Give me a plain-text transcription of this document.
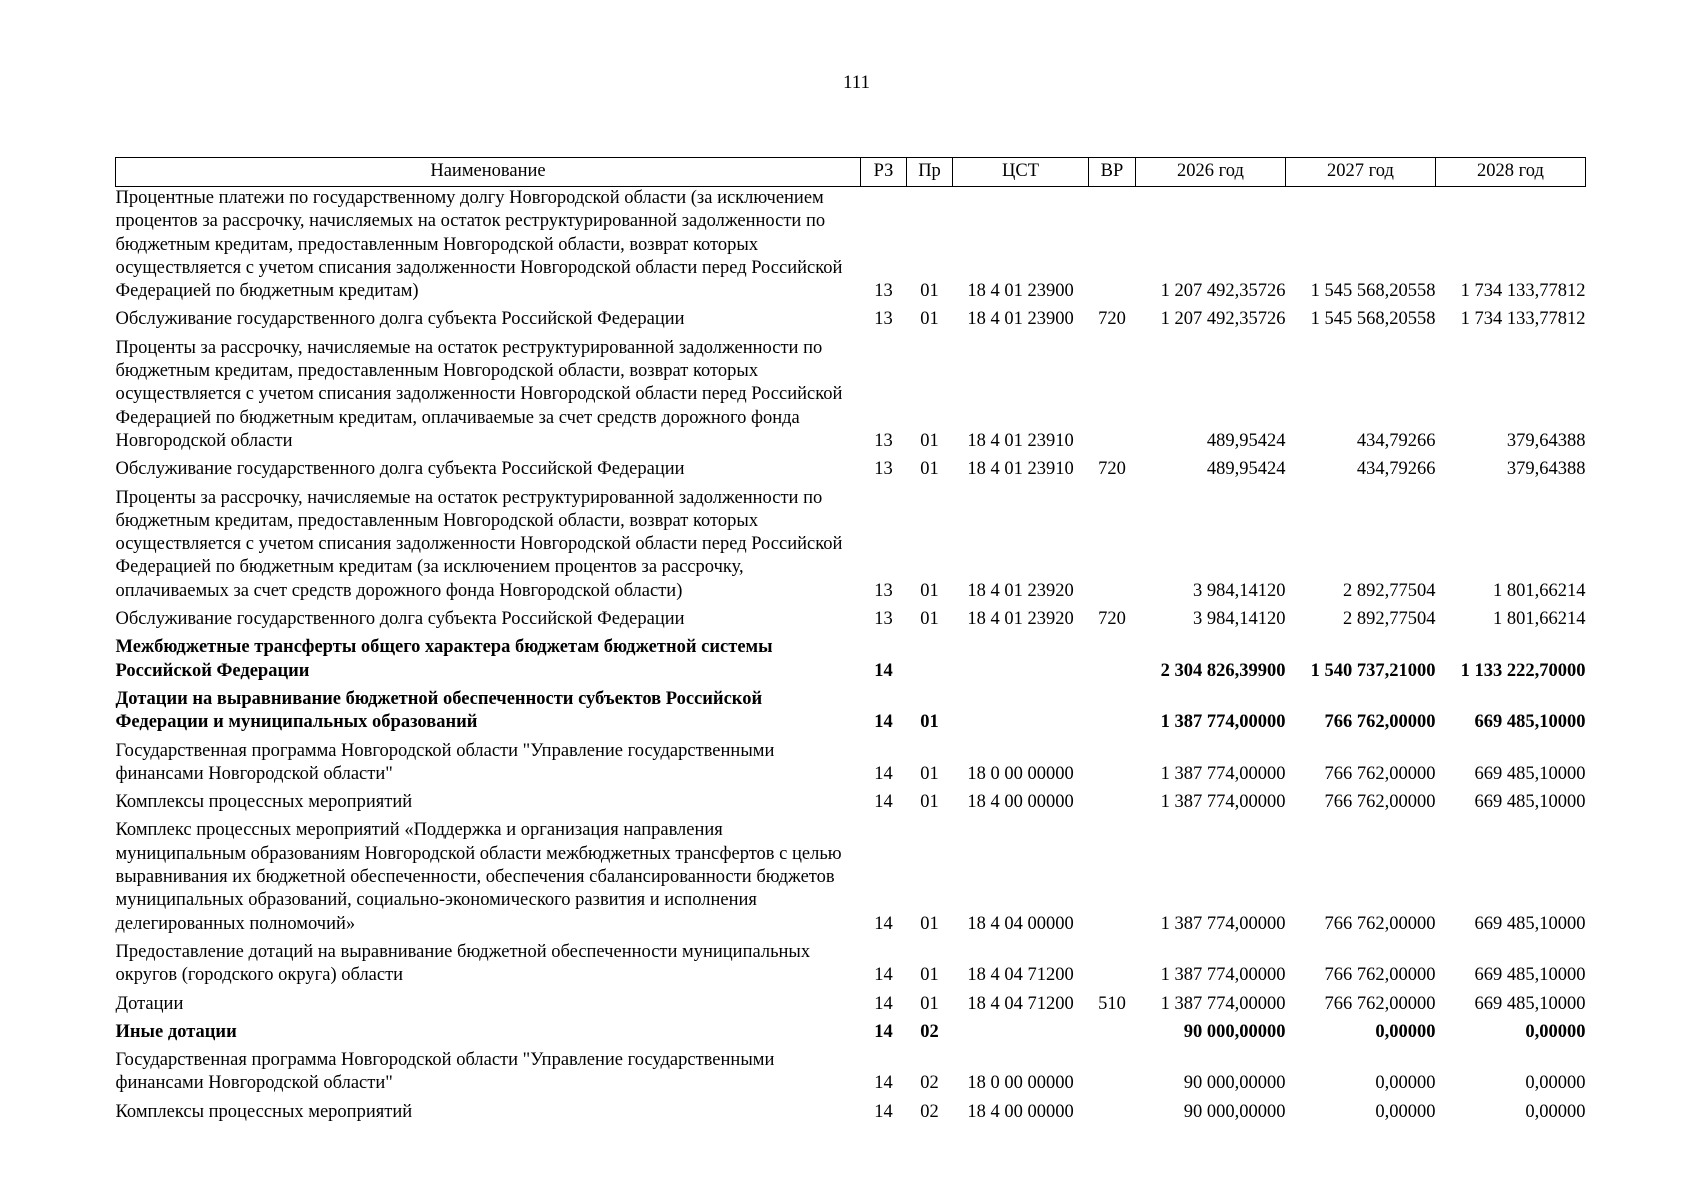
111
Наименование	РЗ	Пр	ЦСТ	ВР	2026 год	2027 год	2028 год
Процентные платежи по государственному долгу Новгородской области (за исключением процентов за рассрочку, начисляемых на остаток реструктурированной задолженности по бюджетным кредитам, предоставленным Новгородской области, возврат которых осуществляется с учетом списания задолженности Новгородской области перед Российской Федерацией по бюджетным кредитам)	13	01	18 4 01 23900		1 207 492,35726	1 545 568,20558	1 734 133,77812
Обслуживание государственного долга субъекта Российской Федерации	13	01	18 4 01 23900	720	1 207 492,35726	1 545 568,20558	1 734 133,77812
Проценты за рассрочку, начисляемые на остаток реструктурированной задолженности по бюджетным кредитам, предоставленным Новгородской области, возврат которых осуществляется с учетом списания задолженности Новгородской области перед Российской Федерацией по бюджетным кредитам, оплачиваемые за счет средств дорожного фонда Новгородской области	13	01	18 4 01 23910		489,95424	434,79266	379,64388
Обслуживание государственного долга субъекта Российской Федерации	13	01	18 4 01 23910	720	489,95424	434,79266	379,64388
Проценты за рассрочку, начисляемые на остаток реструктурированной задолженности по бюджетным кредитам, предоставленным Новгородской области, возврат которых осуществляется с учетом списания задолженности Новгородской области перед Российской Федерацией по бюджетным кредитам (за исключением процентов за рассрочку, оплачиваемых за счет средств дорожного фонда Новгородской области)	13	01	18 4 01 23920		3 984,14120	2 892,77504	1 801,66214
Обслуживание государственного долга субъекта Российской Федерации	13	01	18 4 01 23920	720	3 984,14120	2 892,77504	1 801,66214
Межбюджетные трансферты общего характера бюджетам бюджетной системы Российской Федерации	14				2 304 826,39900	1 540 737,21000	1 133 222,70000
Дотации на выравнивание бюджетной обеспеченности субъектов Российской Федерации и муниципальных образований	14	01			1 387 774,00000	766 762,00000	669 485,10000
Государственная программа Новгородской области "Управление государственными финансами Новгородской области"	14	01	18 0 00 00000		1 387 774,00000	766 762,00000	669 485,10000
Комплексы процессных мероприятий	14	01	18 4 00 00000		1 387 774,00000	766 762,00000	669 485,10000
Комплекс процессных мероприятий «Поддержка и организация направления муниципальным образованиям Новгородской области межбюджетных трансфертов с целью выравнивания их бюджетной обеспеченности, обеспечения сбалансированности бюджетов муниципальных образований, социально-экономического развития и исполнения делегированных полномочий»	14	01	18 4 04 00000		1 387 774,00000	766 762,00000	669 485,10000
Предоставление дотаций на выравнивание бюджетной обеспеченности муниципальных округов (городского округа) области	14	01	18 4 04 71200		1 387 774,00000	766 762,00000	669 485,10000
Дотации	14	01	18 4 04 71200	510	1 387 774,00000	766 762,00000	669 485,10000
Иные дотации	14	02			90 000,00000	0,00000	0,00000
Государственная программа Новгородской области "Управление государственными финансами Новгородской области"	14	02	18 0 00 00000		90 000,00000	0,00000	0,00000
Комплексы процессных мероприятий	14	02	18 4 00 00000		90 000,00000	0,00000	0,00000
